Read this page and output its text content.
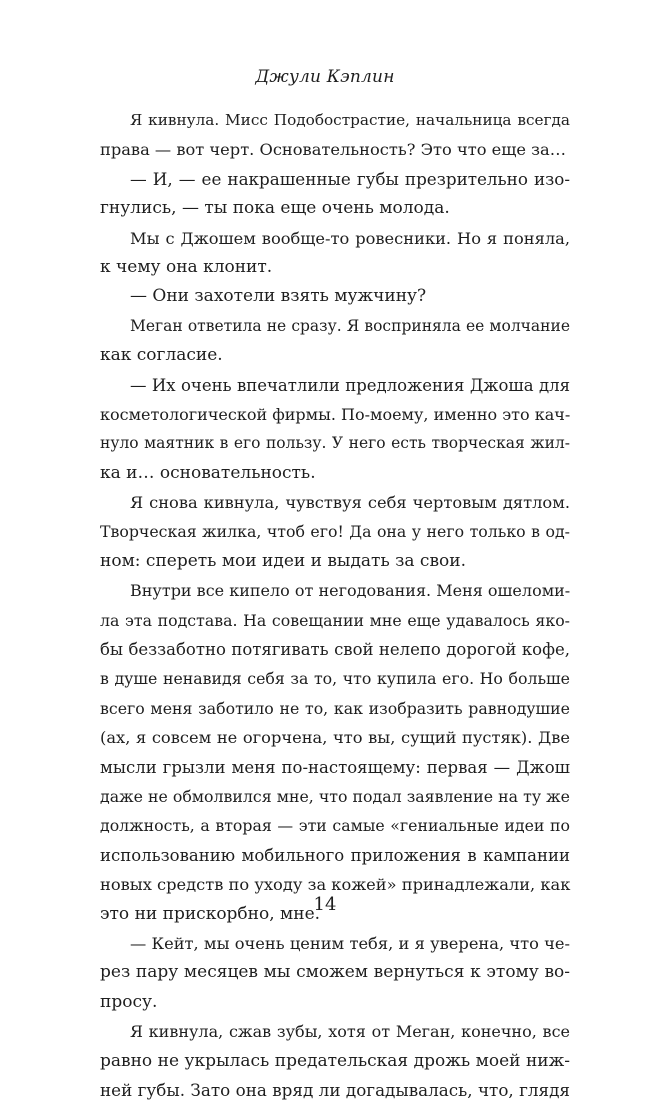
Джули Кэплин
Я кивнула. Мисс Подобострастие, начальница всегда
права — вот черт. Основательность? Это что еще за…
— И, — ее накрашенные губы презрительно изо-
гнулись, — ты пока еще очень молода.
Мы с Джошем вообще-то ровесники. Но я поняла,
к чему она клонит.
— Они захотели взять мужчину?
Меган ответила не сразу. Я восприняла ее молчание
как согласие.
— Их очень впечатлили предложения Джоша для
косметологической фирмы. По-моему, именно это кач-
нуло маятник в его пользу. У него есть творческая жил-
ка и… основательность.
Я снова кивнула, чувствуя себя чертовым дятлом.
Творческая жилка, чтоб его! Да она у него только в од-
ном: спереть мои идеи и выдать за свои.
Внутри все кипело от негодования. Меня ошеломи-
ла эта подстава. На совещании мне еще удавалось яко-
бы беззаботно потягивать свой нелепо дорогой кофе,
в душе ненавидя себя за то, что купила его. Но больше
всего меня заботило не то, как изобразить равнодушие
(ах, я совсем не огорчена, что вы, сущий пустяк). Две
мысли грызли меня по-настоящему: первая — Джош
даже не обмолвился мне, что подал заявление на ту же
должность, а вторая — эти самые «гениальные идеи по
использованию мобильного приложения в кампании
новых средств по уходу за кожей» принадлежали, как
это ни прискорбно, мне.
— Кейт, мы очень ценим тебя, и я уверена, что че-
рез пару месяцев мы сможем вернуться к этому во-
просу.
Я кивнула, сжав зубы, хотя от Меган, конечно, все
равно не укрылась предательская дрожь моей ниж-
ней губы. Зато она вряд ли догадывалась, что, глядя
14
